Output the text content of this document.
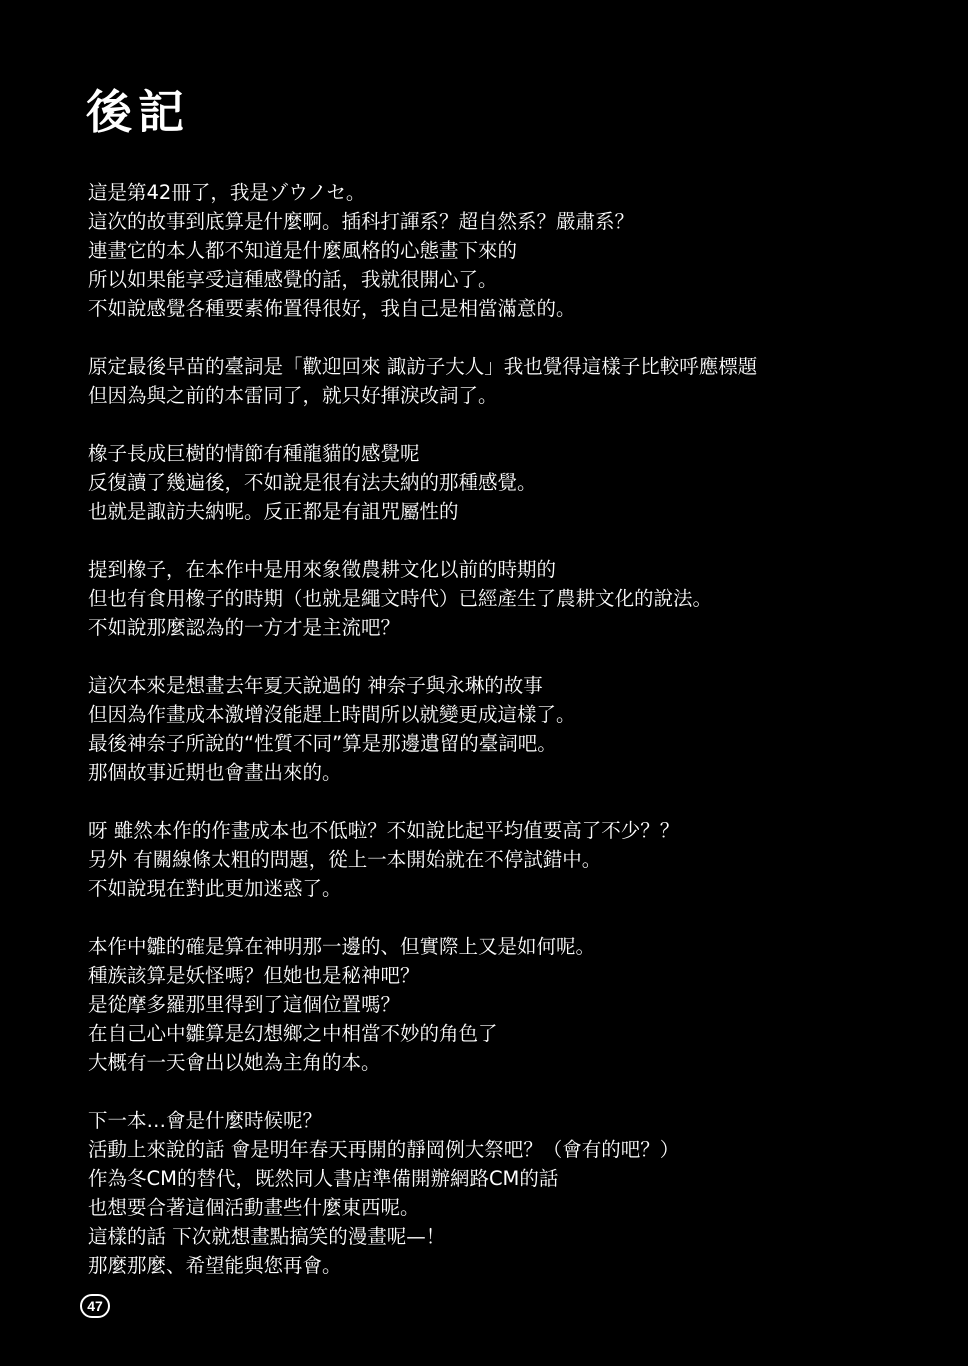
後記
這是第42冊了，我是ゾウノセ。
這次的故事到底算是什麼啊。插科打諢系？超自然系？嚴肅系？
連畫它的本人都不知道是什麼風格的心態畫下來的
所以如果能享受這種感覺的話，我就很開心了。
不如說感覺各種要素佈置得很好，我自己是相當滿意的。
原定最後早苗的臺詞是「歡迎回來 諏訪子大人」我也覺得這樣子比較呼應標題
但因為與之前的本雷同了，就只好揮淚改詞了。
橡子長成巨樹的情節有種龍貓的感覺呢
反復讀了幾遍後，不如說是很有法夫納的那種感覺。
也就是諏訪夫納呢。反正都是有詛咒屬性的
提到橡子，在本作中是用來象徵農耕文化以前的時期的
但也有食用橡子的時期（也就是繩文時代）已經產生了農耕文化的說法。
不如說那麼認為的一方才是主流吧？
這次本來是想畫去年夏天說過的 神奈子與永琳的故事
但因為作畫成本激增沒能趕上時間所以就變更成這樣了。
最後神奈子所說的“性質不同”算是那邊遺留的臺詞吧。
那個故事近期也會畫出來的。
呀 雖然本作的作畫成本也不低啦？不如說比起平均值要高了不少？？
另外 有關線條太粗的問題，從上一本開始就在不停試錯中。
不如說現在對此更加迷惑了。
本作中雛的確是算在神明那一邊的、但實際上又是如何呢。
種族該算是妖怪嗎？但她也是秘神吧？
是從摩多羅那里得到了這個位置嗎？
在自己心中雛算是幻想鄉之中相當不妙的角色了
大概有一天會出以她為主角的本。
下一本…會是什麼時候呢？
活動上來說的話 會是明年春天再開的靜岡例大祭吧？（會有的吧？）
作為冬CM的替代，既然同人書店準備開辦網路CM的話
也想要合著這個活動畫些什麼東西呢。
這樣的話 下次就想畫點搞笑的漫畫呢—！
那麼那麼、希望能與您再會。
47
